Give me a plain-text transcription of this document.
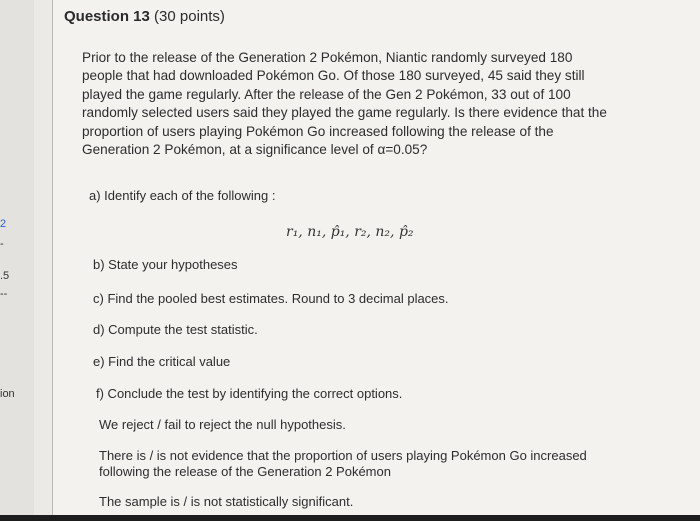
2
-
.5
--
ion
Question 13 (30 points)
Prior to the release of the Generation 2 Pokémon, Niantic randomly surveyed 180 people that had downloaded Pokémon Go. Of those 180 surveyed, 45 said they still played the game regularly. After the release of the Gen 2 Pokémon, 33 out of 100 randomly selected users said they played the game regularly. Is there evidence that the proportion of users playing Pokémon Go increased following the release of the Generation 2 Pokémon, at a significance level of α=0.05?
a) Identify each of the following :
r₁, n₁, p̂₁, r₂, n₂, p̂₂
b) State your hypotheses
c) Find the pooled best estimates. Round to 3 decimal places.
d) Compute the test statistic.
e) Find the critical value
f) Conclude the test by identifying the correct options.
We reject / fail to reject the null hypothesis.
There is / is not evidence that the proportion of users playing Pokémon Go increased
following the release of the Generation 2 Pokémon
The sample is / is not statistically significant.
